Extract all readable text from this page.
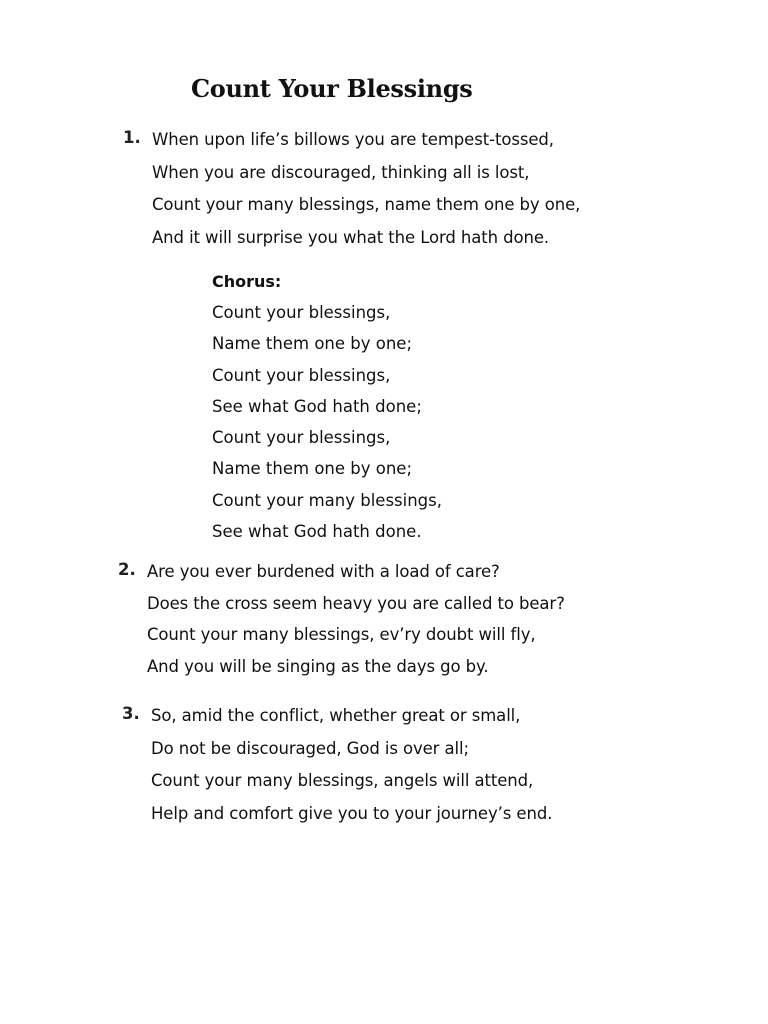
Count Your Blessings
1. When upon life’s billows you are tempest-tossed,
When you are discouraged, thinking all is lost,
Count your many blessings, name them one by one,
And it will surprise you what the Lord hath done.
Chorus:
Count your blessings,
Name them one by one;
Count your blessings,
See what God hath done;
Count your blessings,
Name them one by one;
Count your many blessings,
See what God hath done.
2. Are you ever burdened with a load of care?
Does the cross seem heavy you are called to bear?
Count your many blessings, ev’ry doubt will fly,
And you will be singing as the days go by.
3. So, amid the conflict, whether great or small,
Do not be discouraged, God is over all;
Count your many blessings, angels will attend,
Help and comfort give you to your journey’s end.
